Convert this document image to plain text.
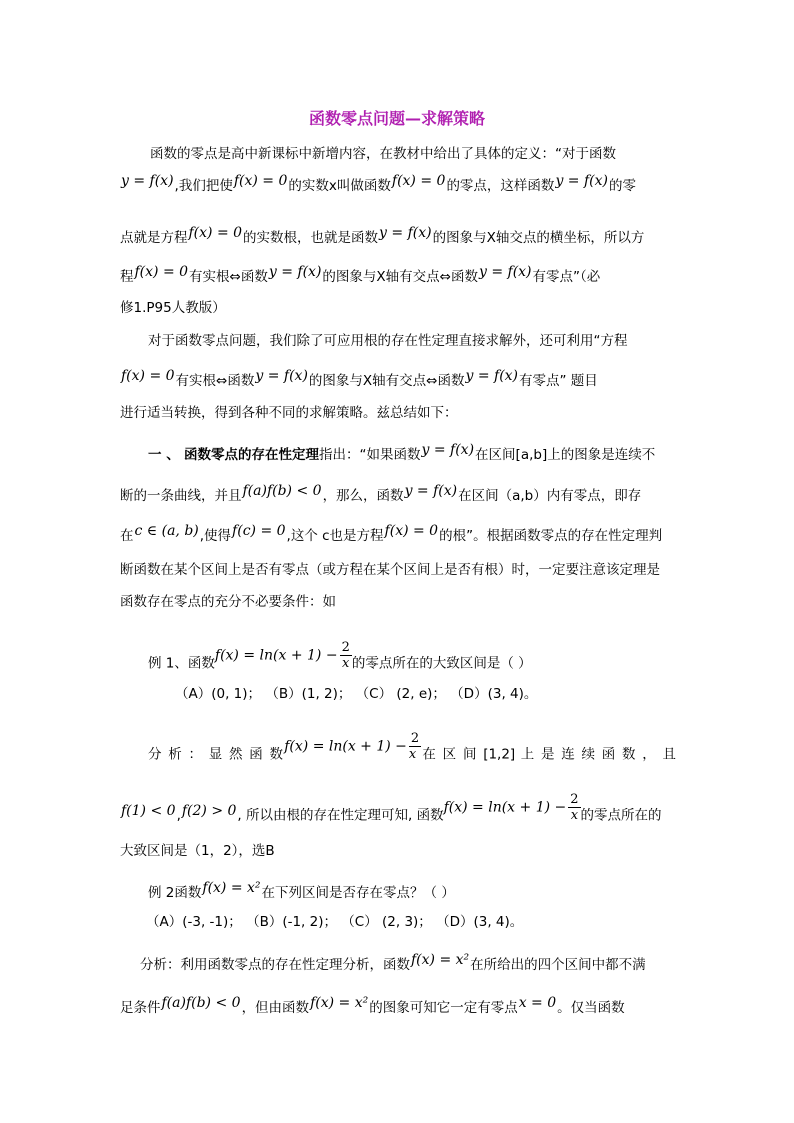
函数零点问题—求解策略
函数的零点是高中新课标中新增内容，在教材中给出了具体的定义：“对于函数
y = f(x),我们把使f(x) = 0的实数x叫做函数f(x) = 0的零点，这样函数y = f(x)的零
点就是方程f(x) = 0的实数根，也就是函数y = f(x)的图象与X轴交点的横坐标，所以方
程f(x) = 0有实根⇔函数y = f(x)的图象与X轴有交点⇔函数y = f(x)有零点”（必
修1.P95人教版）
对于函数零点问题，我们除了可应用根的存在性定理直接求解外，还可利用“方程
f(x) = 0有实根⇔函数y = f(x)的图象与X轴有交点⇔函数y = f(x)有零点” 题目
进行适当转换，得到各种不同的求解策略。兹总结如下：
一 、 函数零点的存在性定理指出：“如果函数y = f(x)在区间[a,b]上的图象是连续不
断的一条曲线，并且f(a)f(b) < 0，那么，函数y = f(x)在区间（a,b）内有零点，即存
在c ∈ (a, b),使得f(c) = 0,这个 c也是方程f(x) = 0的根”。根据函数零点的存在性定理判
断函数在某个区间上是否有零点（或方程在某个区间上是否有根）时，一定要注意该定理是
函数存在零点的充分不必要条件：如
例 1、函数$f(x) = \ln(x + 1) - \frac{2}{x}$ 的零点所在的大致区间是（ ）
（A）(0, 1)； （B）(1, 2)； （C） (2, e)； （D）(3, 4)。
分 析 ： 显 然 函 数$f(x) = \ln(x + 1) - \frac{2}{x}$ 在 区 间 [1,2] 上 是 连 续 函 数 ， 且
f(1) < 0,f(2) > 0, 所以由根的存在性定理可知, 函数$f(x) = \ln(x + 1) - \frac{2}{x}$ 的零点所在的
大致区间是（1，2），选B
例 2函数f(x) = x²在下列区间是否存在零点？（ ）
（A）(-3, -1)； （B）(-1, 2)； （C） (2, 3)； （D）(3, 4)。
分析：利用函数零点的存在性定理分析，函数f(x) = x²在所给出的四个区间中都不满
足条件f(a)f(b) < 0，但由函数f(x) = x²的图象可知它一定有零点x = 0。仅当函数
